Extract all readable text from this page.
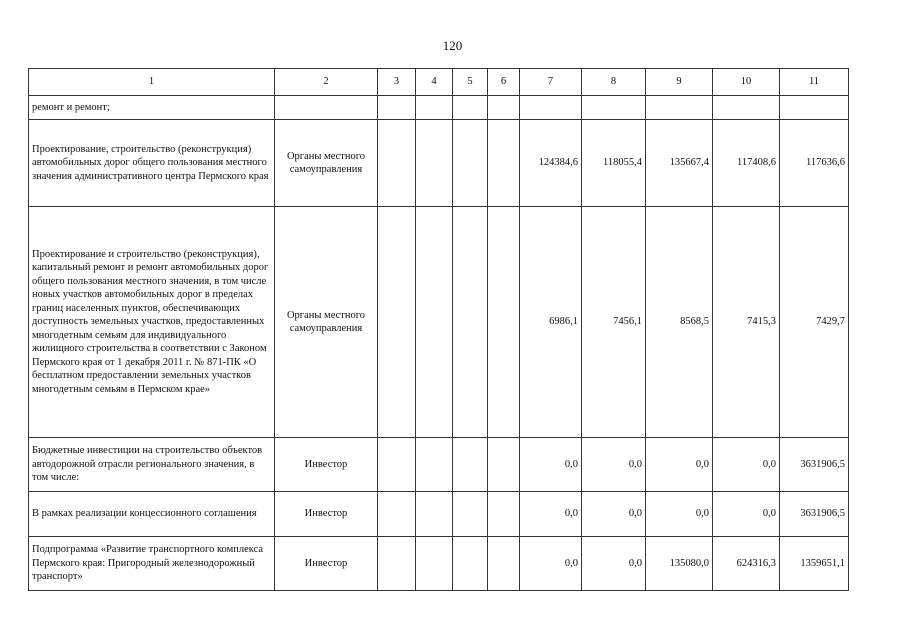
120
1	2	3	4	5	6	7	8	9	10	11
ремонт и ремонт;										
Проектирование, строительство (реконструкция) автомобильных дорог общего пользования местного значения административного центра Пермского края	Органы местного самоуправления					124384,6	118055,4	135667,4	117408,6	117636,6
Проектирование и строительство (реконструкция), капитальный ремонт и ремонт автомобильных дорог общего пользования местного значения, в том числе новых участков автомобильных дорог в пределах границ населенных пунктов, обеспечивающих доступность земельных участков, предоставленных многодетным семьям для индивидуального жилищного строительства в соответствии с Законом Пермского края от 1 декабря 2011 г. № 871-ПК «О бесплатном предоставлении земельных участков многодетным семьям в Пермском крае»	Органы местного самоуправления					6986,1	7456,1	8568,5	7415,3	7429,7
Бюджетные инвестиции на строительство объектов автодорожной отрасли регионального значения, в том числе:	Инвестор					0,0	0,0	0,0	0,0	3631906,5
В рамках реализации концессионного соглашения	Инвестор					0,0	0,0	0,0	0,0	3631906,5
Подпрограмма «Развитие транспортного комплекса Пермского края: Пригородный железнодорожный транспорт»	Инвестор					0,0	0,0	135080,0	624316,3	1359651,1
